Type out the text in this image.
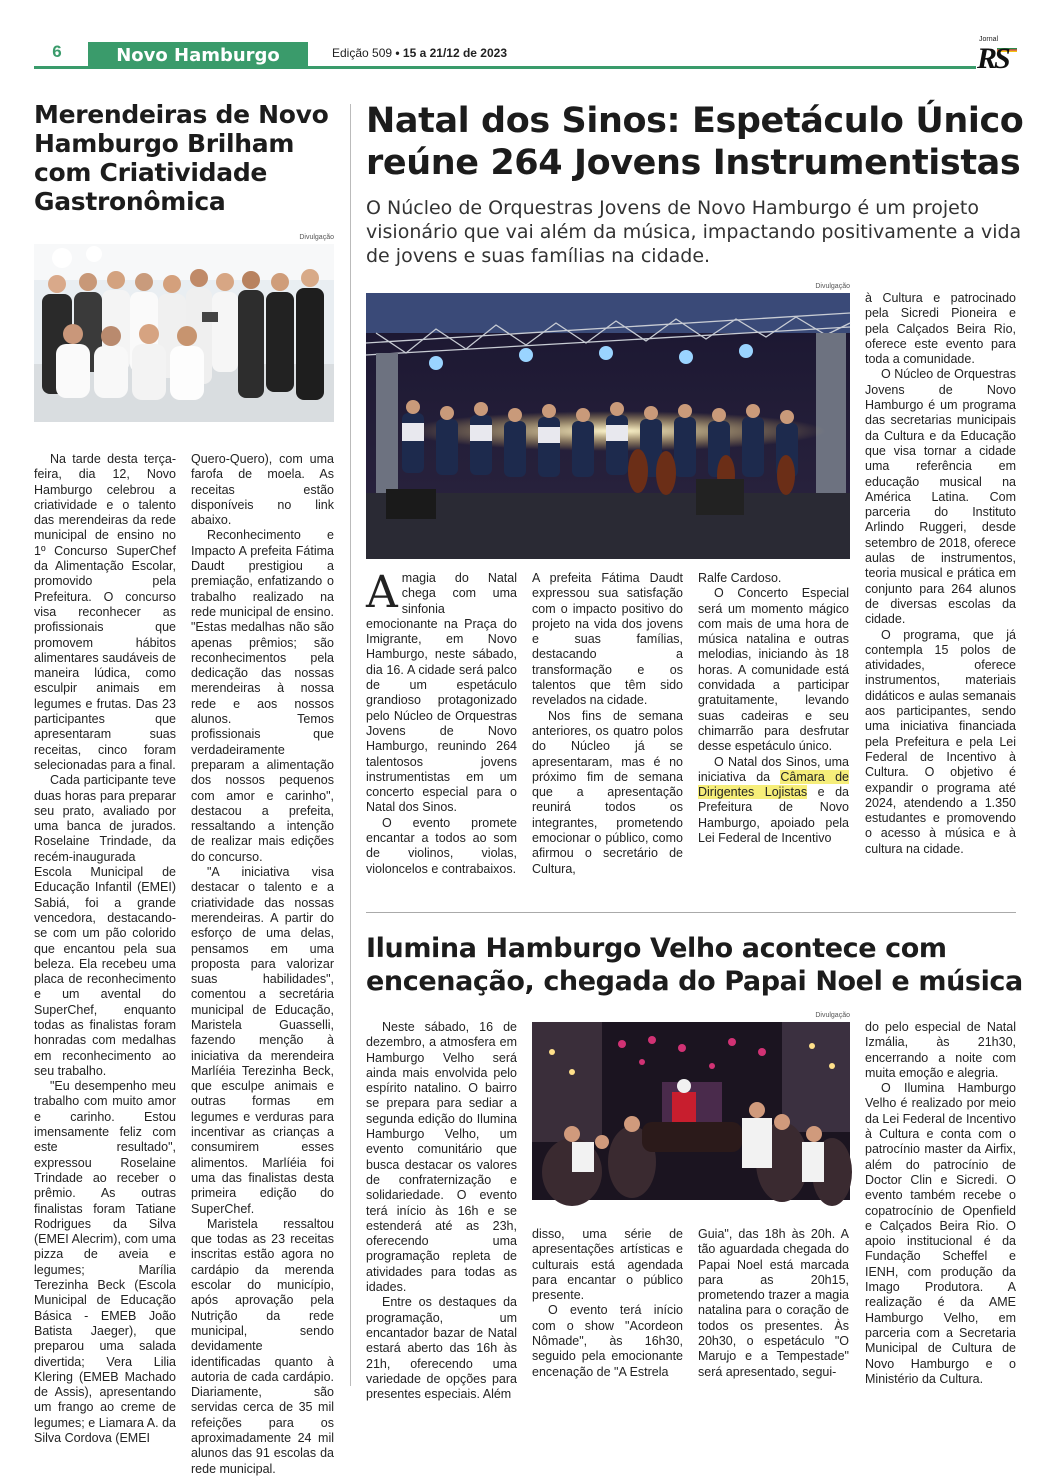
6	Novo Hamburgo	Edição 509 • 15 a 21/12 de 2023
Jornal
RS
Merendeiras de Novo Hamburgo Brilham com Criatividade Gastronômica
Divulgação

Na tarde desta terça-feira, dia 12, Novo Hamburgo celebrou a criatividade e o talento das merendeiras da rede municipal de ensino no 1º Concurso SuperChef da Alimentação Escolar, promovido pela Prefeitura. O concurso visa reconhecer as profissionais que promovem hábitos alimentares saudáveis de maneira lúdica, como esculpir animais em legumes e frutas. Das 23 participantes que apresentaram suas receitas, cinco foram selecionadas para a final.

Cada participante teve duas horas para preparar seu prato, avaliado por uma banca de jurados. Roselaine Trindade, da recém-inaugurada Escola Municipal de Educação Infantil (EMEI) Sabiá, foi a grande vencedora, destacando-se com um pão colorido que encantou pela sua beleza. Ela recebeu uma placa de reconhecimento e um avental do SuperChef, enquanto todas as finalistas foram honradas com medalhas em reconhecimento ao seu trabalho.

"Eu desempenho meu trabalho com muito amor e carinho. Estou imensamente feliz com este resultado", expressou Roselaine Trindade ao receber o prêmio. As outras finalistas foram Tatiane Rodrigues da Silva (EMEI Alecrim), com uma pizza de aveia e legumes; Marília Terezinha Beck (Escola Municipal de Educação Básica - EMEB João Batista Jaeger), que preparou uma salada divertida; Vera Lilia Klering (EMEB Machado de Assis), apresentando um frango ao creme de legumes; e Liamara A. da Silva Cordova (EMEI

Quero-Quero), com uma farofa de moela. As receitas estão disponíveis no link abaixo.

Reconhecimento e Impacto A prefeita Fátima Daudt prestigiou a premiação, enfatizando o trabalho realizado na rede municipal de ensino. "Estas medalhas não são apenas prêmios; são reconhecimentos pela dedicação das nossas merendeiras à nossa rede e aos nossos alunos. Temos profissionais que verdadeiramente preparam a alimentação dos nossos pequenos com amor e carinho", destacou a prefeita, ressaltando a intenção de realizar mais edições do concurso.

"A iniciativa visa destacar o talento e a criatividade das nossas merendeiras. A partir do esforço de uma delas, pensamos em uma proposta para valorizar suas habilidades", comentou a secretária municipal de Educação, Maristela Guasselli, fazendo menção à iniciativa da merendeira Marlíéia Terezinha Beck, que esculpe animais e outras formas em legumes e verduras para incentivar as crianças a consumirem esses alimentos. Marlíéia foi uma das finalistas desta primeira edição do SuperChef.

Maristela ressaltou que todas as 23 receitas inscritas estão agora no cardápio da merenda escolar do município, após aprovação pela Nutrição da rede municipal, sendo devidamente identificadas quanto à autoria de cada cardápio. Diariamente, são servidas cerca de 35 mil refeições para os aproximadamente 24 mil alunos das 91 escolas da rede municipal.

Natal dos Sinos: Espetáculo Único reúne 264 Jovens Instrumentistas
O Núcleo de Orquestras Jovens de Novo Hamburgo é um projeto visionário que vai além da música, impactando positivamente a vida de jovens e suas famílias na cidade.
Divulgação

Amagia do Natal chega com uma sinfonia emocionante na Praça do Imigrante, em Novo Hamburgo, neste sábado, dia 16. A cidade será palco de um espetáculo grandioso protagonizado pelo Núcleo de Orquestras Jovens de Novo Hamburgo, reunindo 264 talentosos jovens instrumentistas em um concerto especial para o Natal dos Sinos.

O evento promete encantar a todos ao som de violinos, violas, violoncelos e contrabaixos.

A prefeita Fátima Daudt expressou sua satisfação com o impacto positivo do projeto na vida dos jovens e suas famílias, destacando a transformação e os talentos que têm sido revelados na cidade.

Nos fins de semana anteriores, os quatro polos do Núcleo já se apresentaram, mas é no próximo fim de semana que a apresentação reunirá todos os integrantes, prometendo emocionar o público, como afirmou o secretário de Cultura,

Ralfe Cardoso.

O Concerto Especial será um momento mágico com mais de uma hora de música natalina e outras melodias, iniciando às 18 horas. A comunidade está convidada a participar gratuitamente, levando suas cadeiras e seu chimarrão para desfrutar desse espetáculo único.

O Natal dos Sinos, uma iniciativa da Câmara de Dirigentes Lojistas e da Prefeitura de Novo Hamburgo, apoiado pela Lei Federal de Incentivo

à Cultura e patrocinado pela Sicredi Pioneira e pela Calçados Beira Rio, oferece este evento para toda a comunidade.

O Núcleo de Orquestras Jovens de Novo Hamburgo é um programa das secretarias municipais da Cultura e da Educação que visa tornar a cidade uma referência em educação musical na América Latina. Com parceria do Instituto Arlindo Ruggeri, desde setembro de 2018, oferece aulas de instrumentos, teoria musical e prática em conjunto para 264 alunos de diversas escolas da cidade.

O programa, que já contempla 15 polos de atividades, oferece instrumentos, materiais didáticos e aulas semanais aos participantes, sendo uma iniciativa financiada pela Prefeitura e pela Lei Federal de Incentivo à Cultura. O objetivo é expandir o programa até 2024, atendendo a 1.350 estudantes e promovendo o acesso à música e à cultura na cidade.

Ilumina Hamburgo Velho acontece com encenação, chegada do Papai Noel e música
Divulgação

Neste sábado, 16 de dezembro, a atmosfera em Hamburgo Velho será ainda mais envolvida pelo espírito natalino. O bairro se prepara para sediar a segunda edição do Ilumina Hamburgo Velho, um evento comunitário que busca destacar os valores de confraternização e solidariedade. O evento terá início às 16h e se estenderá até as 23h, oferecendo uma programação repleta de atividades para todas as idades.

Entre os destaques da programação, um encantador bazar de Natal estará aberto das 16h às 21h, oferecendo uma variedade de opções para presentes especiais. Além

disso, uma série de apresentações artísticas e culturais está agendada para encantar o público presente.

O evento terá início com o show "Acordeon Nômade", às 16h30, seguido pela emocionante encenação de "A Estrela

Guia", das 18h às 20h. A tão aguardada chegada do Papai Noel está marcada para as 20h15, prometendo trazer a magia natalina para o coração de todos os presentes. Às 20h30, o espetáculo "O Marujo e a Tempestade" será apresentado, segui-

do pelo especial de Natal Izmália, às 21h30, encerrando a noite com muita emoção e alegria.

O Ilumina Hamburgo Velho é realizado por meio da Lei Federal de Incentivo à Cultura e conta com o patrocínio master da Airfix, além do patrocínio de Doctor Clin e Sicredi. O evento também recebe o copatrocínio de Openfield e Calçados Beira Rio. O apoio institucional é da Fundação Scheffel e IENH, com produção da Imago Produtora. A realização é da AME Hamburgo Velho, em parceria com a Secretaria Municipal de Cultura de Novo Hamburgo e o Ministério da Cultura.
